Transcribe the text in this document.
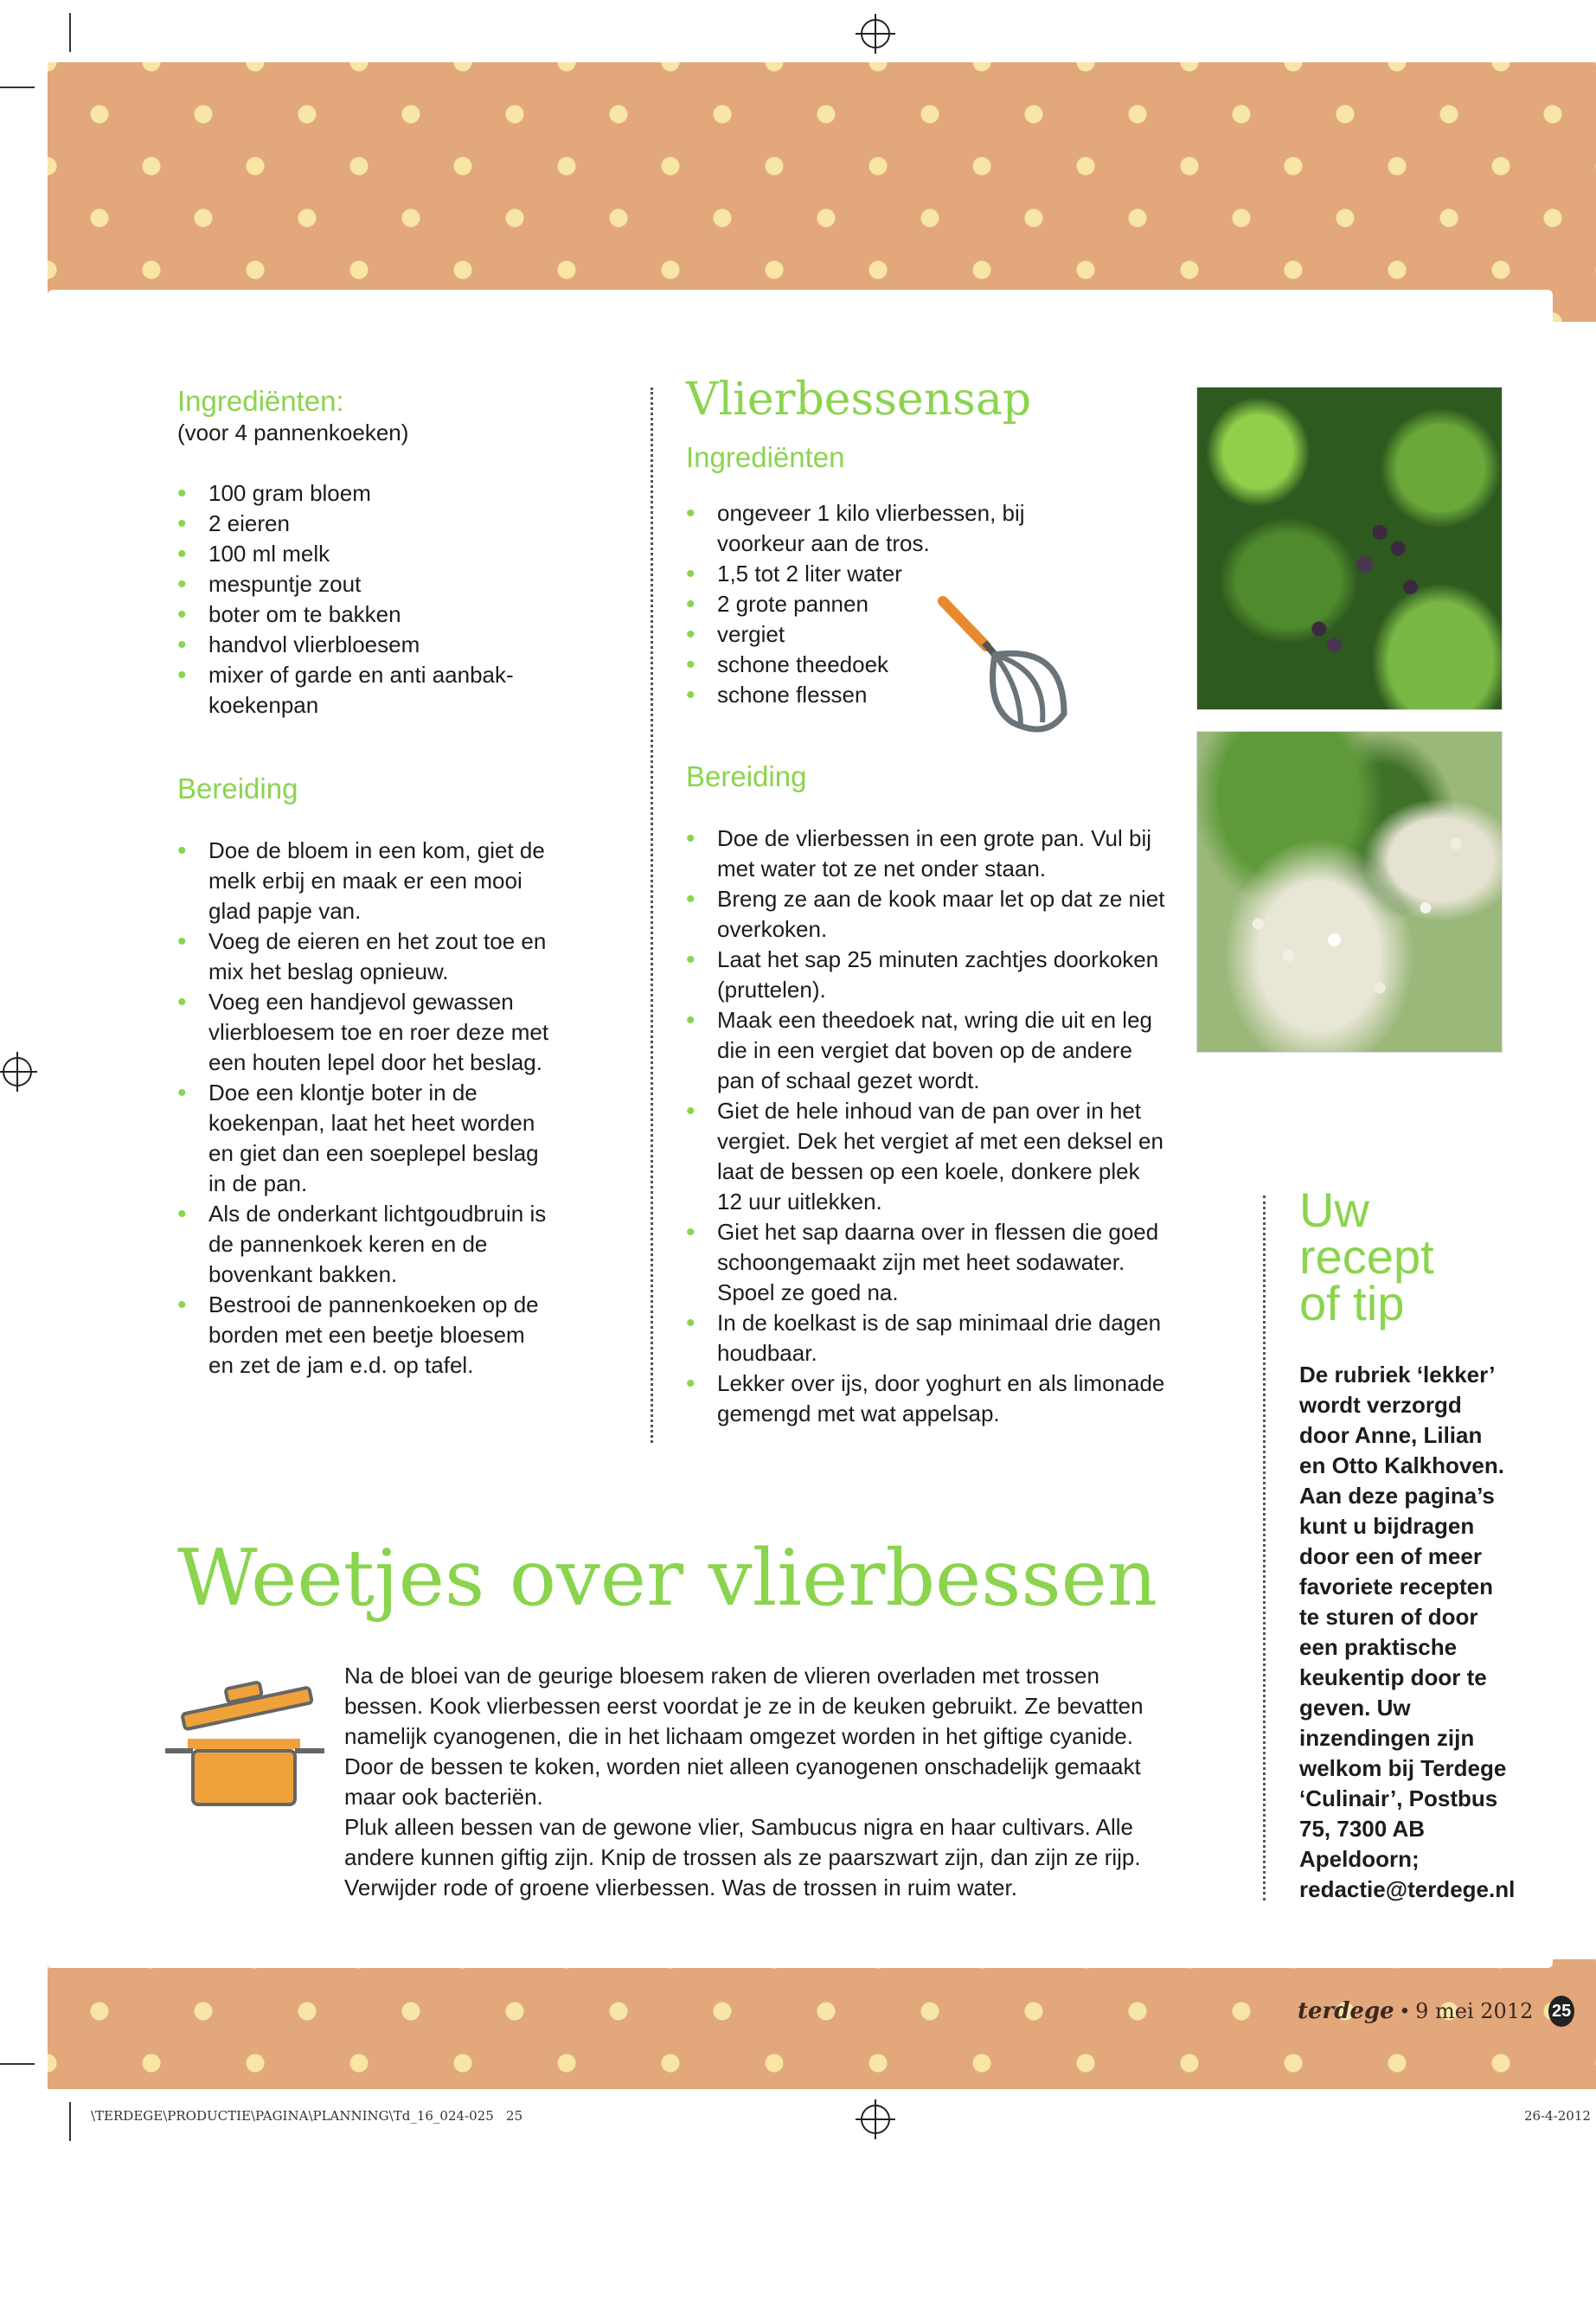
Ingrediënten:
(voor 4 pannenkoeken)
• 100 gram bloem
• 2 eieren
• 100 ml melk
• mespuntje zout
• boter om te bakken
• handvol vlierbloesem
• mixer of garde en anti aanbak-
koekenpan
Bereiding
• Doe de bloem in een kom, giet de melk erbij en maak er een mooi glad papje van.
• Voeg de eieren en het zout toe en mix het beslag opnieuw.
• Voeg een handjevol gewassen vlierbloesem toe en roer deze met een houten lepel door het beslag.
• Doe een klontje boter in de koekenpan, laat het heet worden en giet dan een soeplepel beslag in de pan.
• Als de onderkant lichtgoudbruin is de pannenkoek keren en de bovenkant bakken.
• Bestrooi de pannenkoeken op de borden met een beetje bloesem en zet de jam e.d. op tafel.
Vlierbessensap
Ingrediënten
• ongeveer 1 kilo vlierbessen, bij voorkeur aan de tros.
• 1,5 tot 2 liter water
• 2 grote pannen
• vergiet
• schone theedoek
• schone flessen
Bereiding
• Doe de vlierbessen in een grote pan. Vul bij met water tot ze net onder staan.
• Breng ze aan de kook maar let op dat ze niet overkoken.
• Laat het sap 25 minuten zachtjes doorkoken (pruttelen).
• Maak een theedoek nat, wring die uit en leg die in een vergiet dat boven op de andere pan of schaal gezet wordt.
• Giet de hele inhoud van de pan over in het vergiet. Dek het vergiet af met een deksel en laat de bessen op een koele, donkere plek 12 uur uitlekken.
• Giet het sap daarna over in flessen die goed schoongemaakt zijn met heet sodawater. Spoel ze goed na.
• In de koelkast is de sap minimaal drie dagen houdbaar.
• Lekker over ijs, door yoghurt en als limonade gemengd met wat appelsap.
Weetjes over vlierbessen
Na de bloei van de geurige bloesem raken de vlieren overladen met trossen bessen. Kook vlierbessen eerst voordat je ze in de keuken gebruikt. Ze bevatten namelijk cyanogenen, die in het lichaam omgezet worden in het giftige cyanide. Door de bessen te koken, worden niet alleen cyanogenen onschadelijk gemaakt maar ook bacteriën.
Pluk alleen bessen van de gewone vlier, Sambucus nigra en haar cultivars. Alle andere kunnen giftig zijn. Knip de trossen als ze paarszwart zijn, dan zijn ze rijp. Verwijder rode of groene vlierbessen. Was de trossen in ruim water.
Uw
recept
of tip
De rubriek ‘lekker’ wordt verzorgd door Anne, Lilian en Otto Kalkhoven. Aan deze pagina’s kunt u bijdragen door een of meer favoriete recepten te sturen of door een praktische keukentip door te geven. Uw inzendingen zijn welkom bij Terdege ‘Culinair’, Postbus 75, 7300 AB Apeldoorn; redactie@terdege.nl
terdege • 9 mei 2012 25
\TERDEGE\PRODUCTIE\PAGINA\PLANNING\Td_16_024-025   25	26-4-2012
